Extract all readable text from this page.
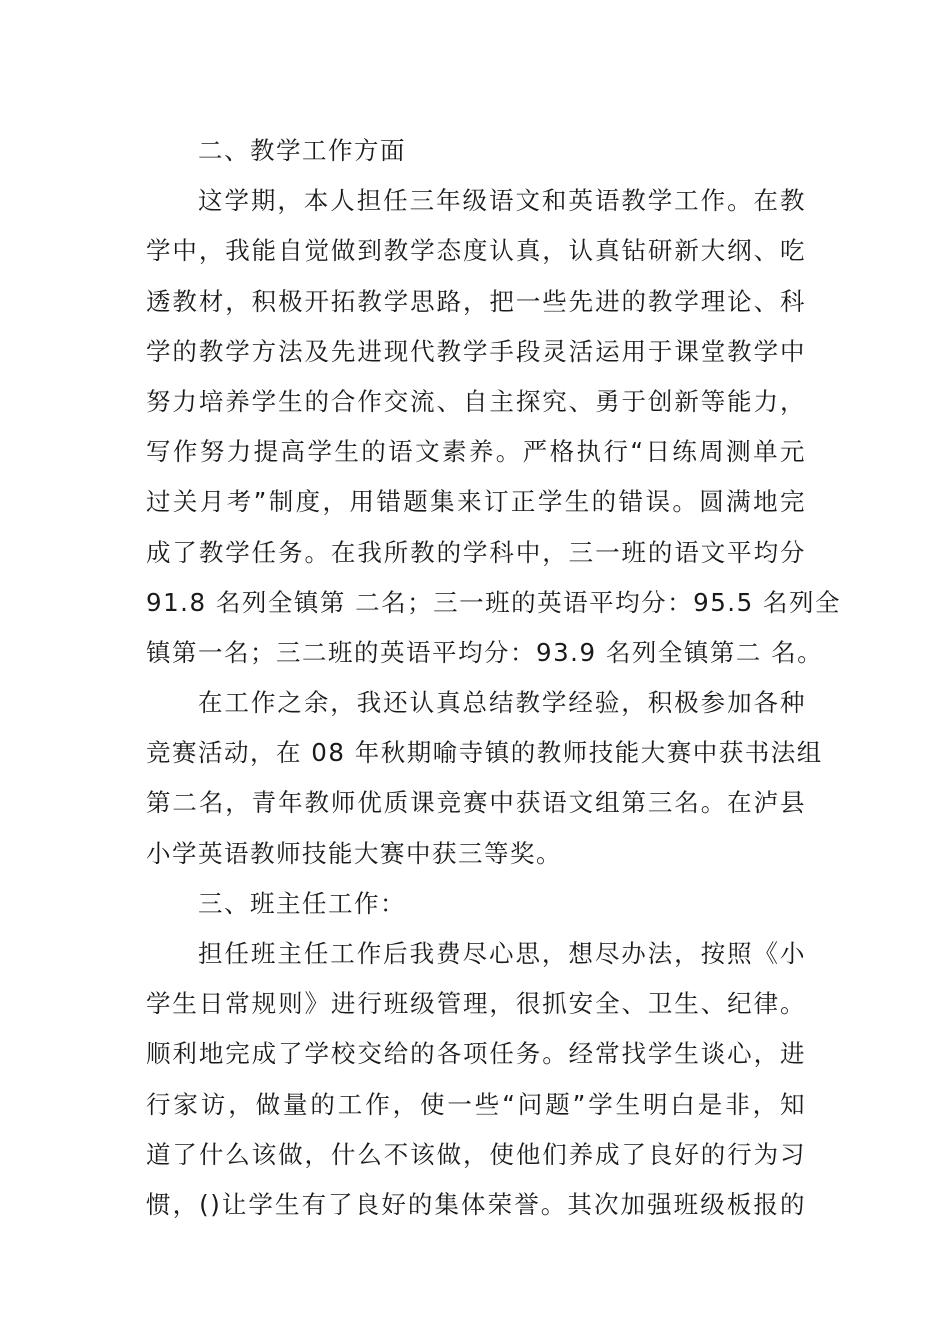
二、教学工作方面
这学期，本人担任三年级语文和英语教学工作。在教
学中，我能自觉做到教学态度认真，认真钻研新大纲、吃
透教材，积极开拓教学思路，把一些先进的教学理论、科
学的教学方法及先进现代教学手段灵活运用于课堂教学中
努力培养学生的合作交流、自主探究、勇于创新等能力，
写作努力提高学生的语文素养。严格执行“日练周测单元
过关月考”制度，用错题集来订正学生的错误。圆满地完
成了教学任务。在我所教的学科中，三一班的语文平均分
91.8 名列全镇第 二名；三一班的英语平均分：95.5 名列全
镇第一名；三二班的英语平均分：93.9 名列全镇第二 名。
在工作之余，我还认真总结教学经验，积极参加各种
竞赛活动，在 08 年秋期喻寺镇的教师技能大赛中获书法组
第二名，青年教师优质课竞赛中获语文组第三名。在泸县
小学英语教师技能大赛中获三等奖。
三、班主任工作：
担任班主任工作后我费尽心思，想尽办法，按照《小
学生日常规则》进行班级管理，很抓安全、卫生、纪律。
顺利地完成了学校交给的各项任务。经常找学生谈心，进
行家访，做量的工作，使一些“问题”学生明白是非，知
道了什么该做，什么不该做，使他们养成了良好的行为习
惯，()让学生有了良好的集体荣誉。其次加强班级板报的
